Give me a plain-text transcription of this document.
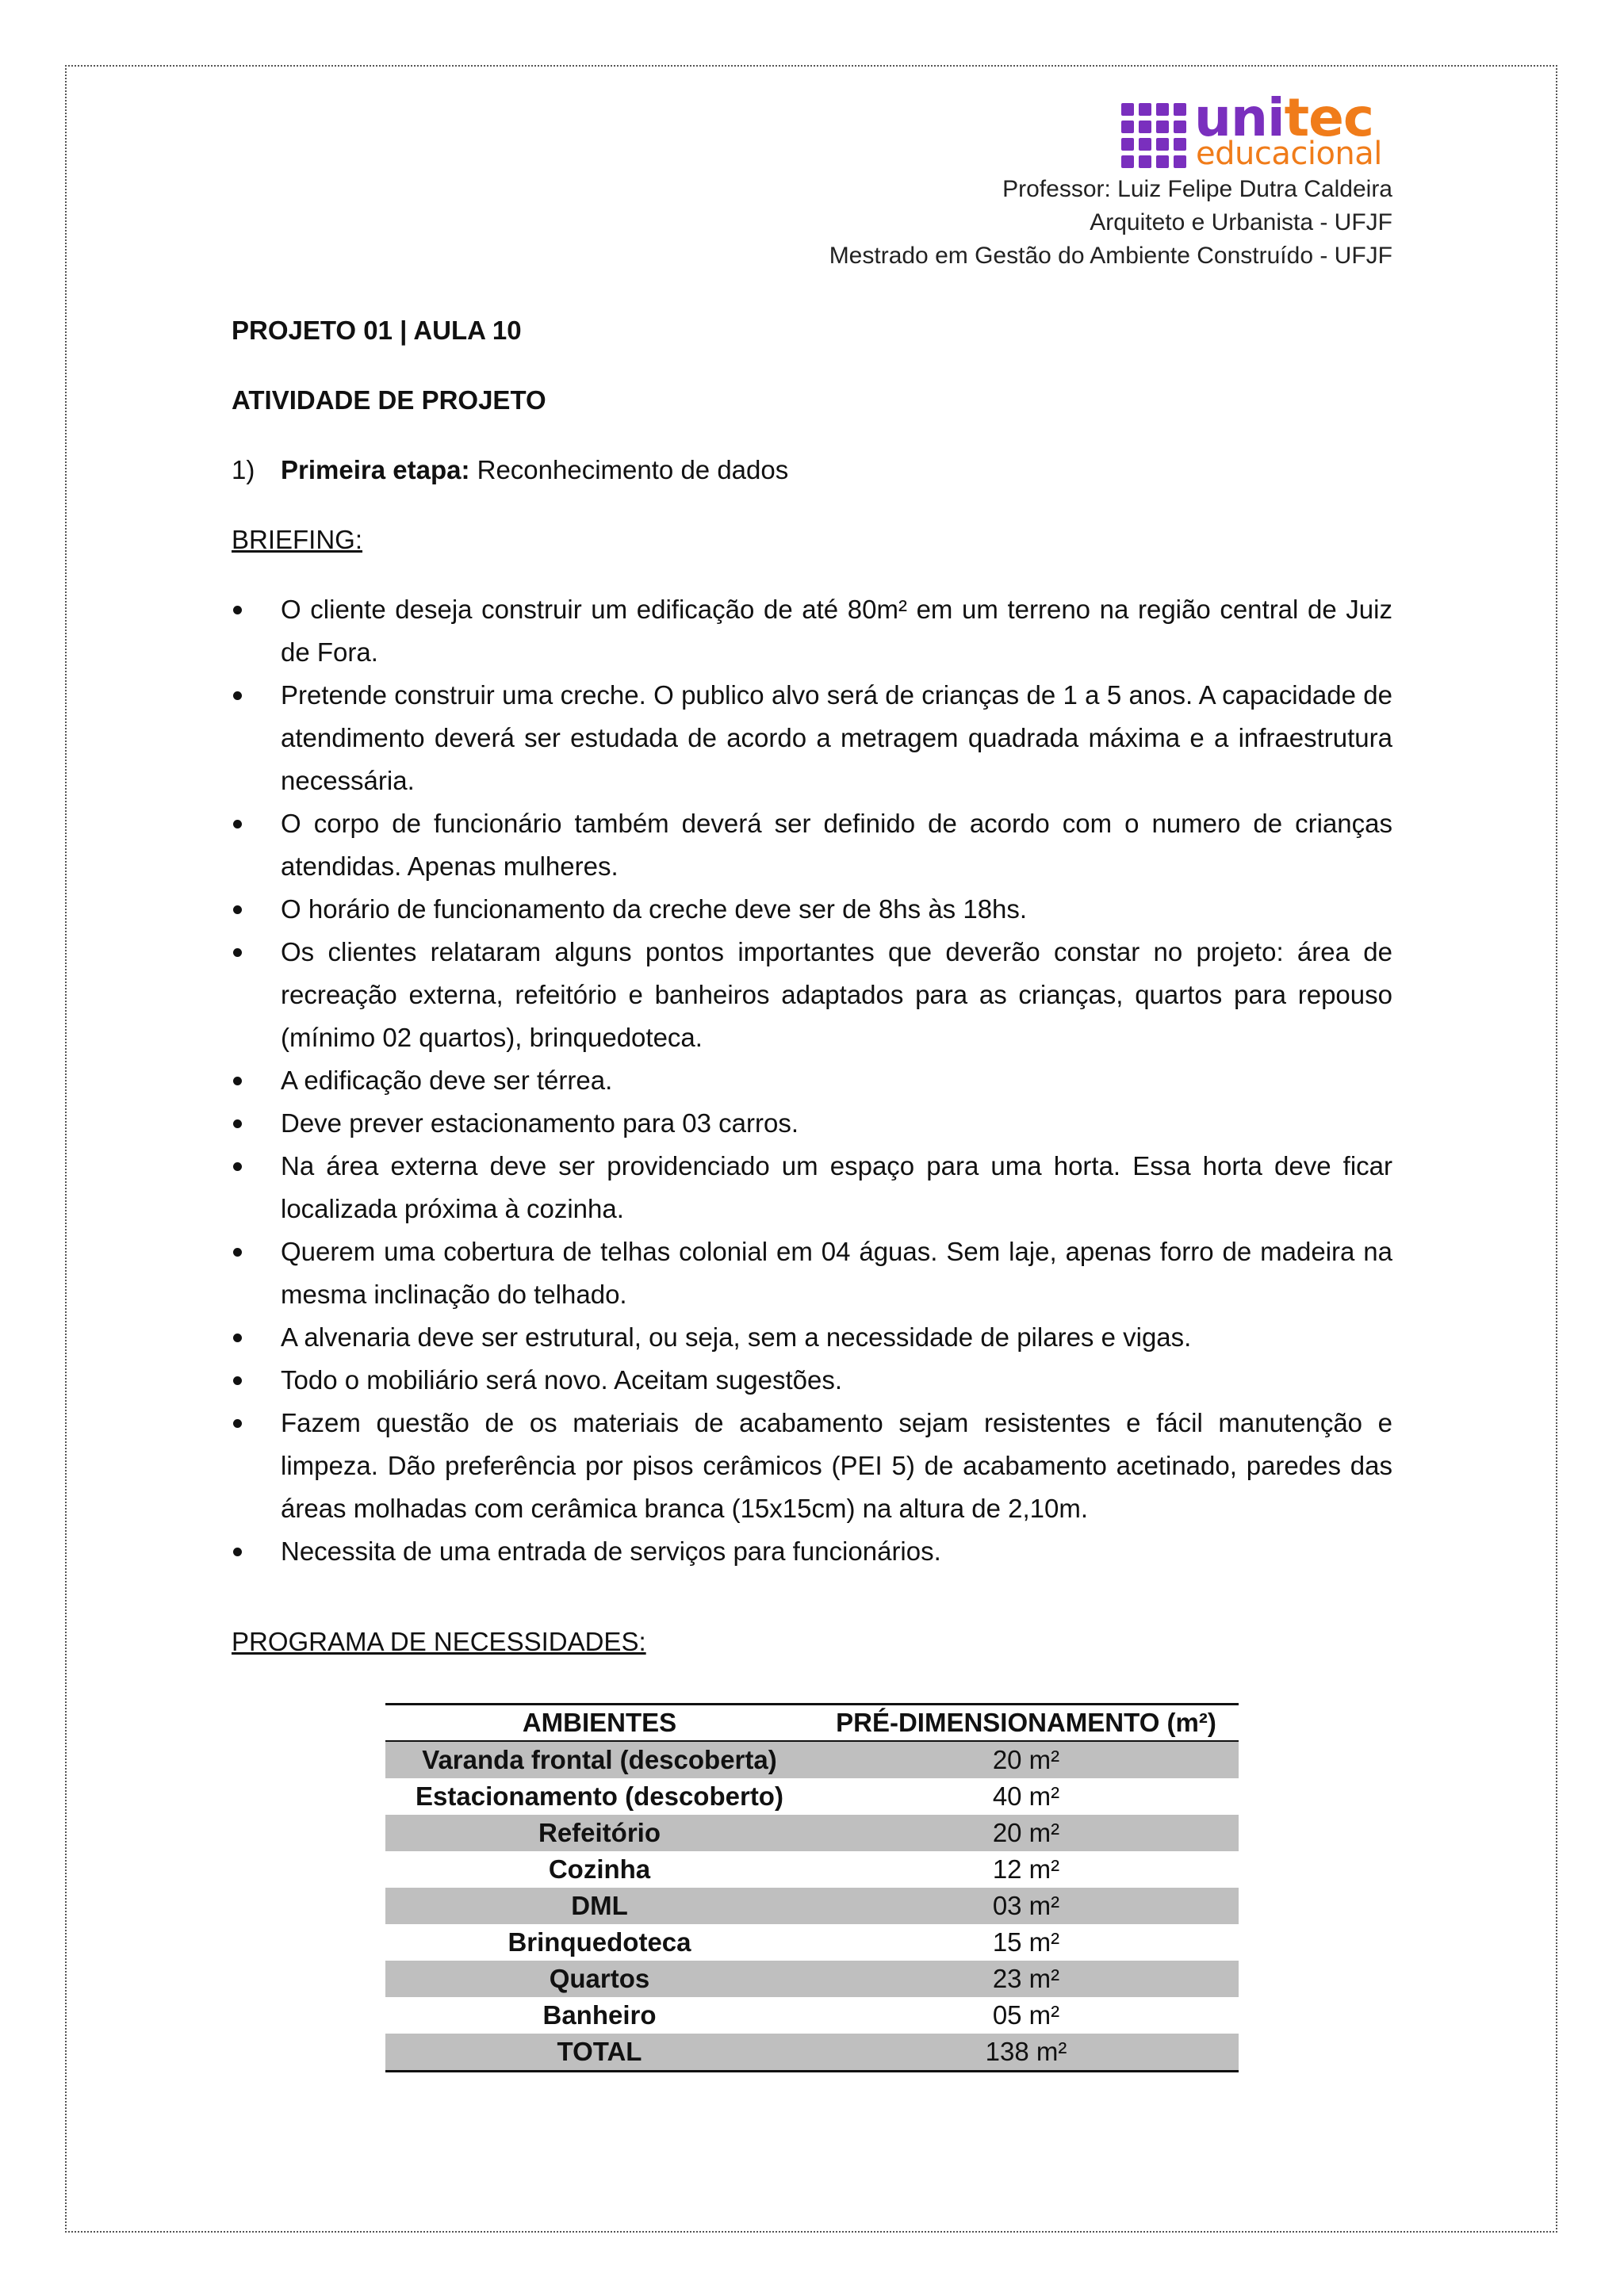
unitec
educacional
Professor: Luiz Felipe Dutra Caldeira
Arquiteto e Urbanista - UFJF
Mestrado em Gestão do Ambiente Construído - UFJF
PROJETO 01 | AULA 10
ATIVIDADE DE PROJETO
1) Primeira etapa: Reconhecimento de dados
BRIEFING:
O cliente deseja construir um edificação de até 80m² em um terreno na região central de Juiz de Fora.
Pretende construir uma creche. O publico alvo será de crianças de 1 a 5 anos. A capacidade de atendimento deverá ser estudada de acordo a metragem quadrada máxima e a infraestrutura necessária.
O corpo de funcionário também deverá ser definido de acordo com o numero de crianças atendidas. Apenas mulheres.
O horário de funcionamento da creche deve ser de 8hs às 18hs.
Os clientes relataram alguns pontos importantes que deverão constar no projeto: área de recreação externa, refeitório e banheiros adaptados para as crianças, quartos para repouso (mínimo 02 quartos), brinquedoteca.
A edificação deve ser térrea.
Deve prever estacionamento para 03 carros.
Na área externa deve ser providenciado um espaço para uma horta. Essa horta deve ficar localizada próxima à cozinha.
Querem uma cobertura de telhas colonial em 04 águas. Sem laje, apenas forro de madeira na mesma inclinação do telhado.
A alvenaria deve ser estrutural, ou seja, sem a necessidade de pilares e vigas.
Todo o mobiliário será novo. Aceitam sugestões.
Fazem questão de os materiais de acabamento sejam resistentes e fácil manutenção e limpeza. Dão preferência por pisos cerâmicos (PEI 5) de acabamento acetinado, paredes das áreas molhadas com cerâmica branca (15x15cm) na altura de 2,10m.
Necessita de uma entrada de serviços para funcionários.
PROGRAMA DE NECESSIDADES:
AMBIENTES	PRÉ-DIMENSIONAMENTO (m²)
Varanda frontal (descoberta)	20 m²
Estacionamento (descoberto)	40 m²
Refeitório	20 m²
Cozinha	12 m²
DML	03 m²
Brinquedoteca	15 m²
Quartos	23 m²
Banheiro	05 m²
TOTAL	138 m²
